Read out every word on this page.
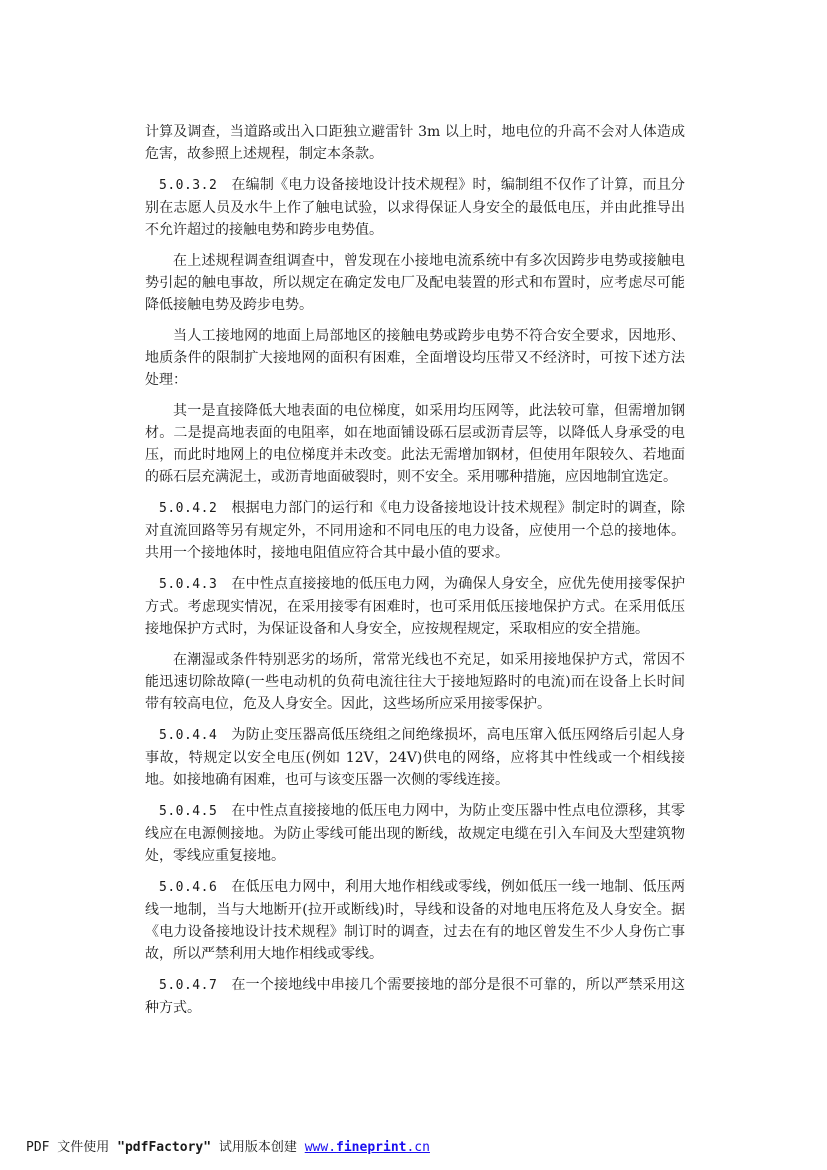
计算及调查，当道路或出入口距独立避雷针 3m 以上时，地电位的升高不会对人体造成危害，故参照上述规程，制定本条款。

5.0.3.2 在编制《电力设备接地设计技术规程》时，编制组不仅作了计算，而且分别在志愿人员及水牛上作了触电试验，以求得保证人身安全的最低电压，并由此推导出不允许超过的接触电势和跨步电势值。

在上述规程调查组调查中，曾发现在小接地电流系统中有多次因跨步电势或接触电势引起的触电事故，所以规定在确定发电厂及配电装置的形式和布置时，应考虑尽可能降低接触电势及跨步电势。

当人工接地网的地面上局部地区的接触电势或跨步电势不符合安全要求，因地形、地质条件的限制扩大接地网的面积有困难，全面增设均压带又不经济时，可按下述方法处理：

其一是直接降低大地表面的电位梯度，如采用均压网等，此法较可靠，但需增加钢材。二是提高地表面的电阻率，如在地面铺设砾石层或沥青层等，以降低人身承受的电压，而此时地网上的电位梯度并未改变。此法无需增加钢材，但使用年限较久、若地面的砾石层充满泥土，或沥青地面破裂时，则不安全。采用哪种措施，应因地制宜选定。

5.0.4.2 根据电力部门的运行和《电力设备接地设计技术规程》制定时的调查，除对直流回路等另有规定外，不同用途和不同电压的电力设备，应使用一个总的接地体。共用一个接地体时，接地电阻值应符合其中最小值的要求。

5.0.4.3 在中性点直接接地的低压电力网，为确保人身安全，应优先使用接零保护方式。考虑现实情况，在采用接零有困难时，也可采用低压接地保护方式。在采用低压接地保护方式时，为保证设备和人身安全，应按规程规定，采取相应的安全措施。

在潮湿或条件特别恶劣的场所，常常光线也不充足，如采用接地保护方式，常因不能迅速切除故障(一些电动机的负荷电流往往大于接地短路时的电流)而在设备上长时间带有较高电位，危及人身安全。因此，这些场所应采用接零保护。

5.0.4.4 为防止变压器高低压绕组之间绝缘损坏，高电压窜入低压网络后引起人身事故，特规定以安全电压(例如 12V，24V)供电的网络，应将其中性线或一个相线接地。如接地确有困难，也可与该变压器一次侧的零线连接。

5.0.4.5 在中性点直接接地的低压电力网中，为防止变压器中性点电位漂移，其零线应在电源侧接地。为防止零线可能出现的断线，故规定电缆在引入车间及大型建筑物处，零线应重复接地。

5.0.4.6 在低压电力网中，利用大地作相线或零线，例如低压一线一地制、低压两线一地制，当与大地断开(拉开或断线)时，导线和设备的对地电压将危及人身安全。据《电力设备接地设计技术规程》制订时的调查，过去在有的地区曾发生不少人身伤亡事故，所以严禁利用大地作相线或零线。

5.0.4.7 在一个接地线中串接几个需要接地的部分是很不可靠的，所以严禁采用这种方式。

PDF 文件使用 "pdfFactory" 试用版本创建 www.fineprint.cn
